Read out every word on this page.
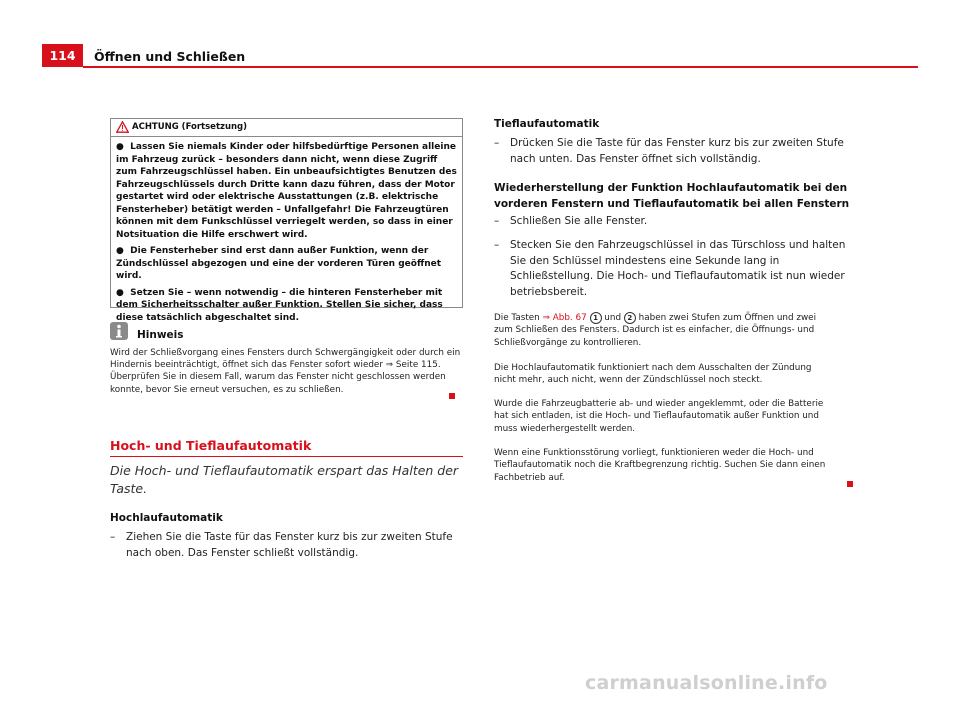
114	Öffnen und Schließen
ACHTUNG (Fortsetzung)

● Lassen Sie niemals Kinder oder hilfsbedürftige Personen alleine im Fahrzeug zurück – besonders dann nicht, wenn diese Zugriff zum Fahrzeugschlüssel haben. Ein unbeaufsichtigtes Benutzen des Fahrzeugschlüssels durch Dritte kann dazu führen, dass der Motor gestartet wird oder elektrische Ausstattungen (z.B. elektrische Fensterheber) betätigt werden – Unfallgefahr! Die Fahrzeugtüren können mit dem Funkschlüssel verriegelt werden, so dass in einer Notsituation die Hilfe erschwert wird.

● Die Fensterheber sind erst dann außer Funktion, wenn der Zündschlüssel abgezogen und eine der vorderen Türen geöffnet wird.

● Setzen Sie – wenn notwendig – die hinteren Fensterheber mit dem Sicherheitsschalter außer Funktion. Stellen Sie sicher, dass diese tatsächlich abgeschaltet sind.

Hinweis
Wird der Schließvorgang eines Fensters durch Schwergängigkeit oder durch ein Hindernis beeinträchtigt, öffnet sich das Fenster sofort wieder ⇒ Seite 115. Überprüfen Sie in diesem Fall, warum das Fenster nicht geschlossen werden konnte, bevor Sie erneut versuchen, es zu schließen.
Hoch- und Tieflaufautomatik
Die Hoch- und Tieflaufautomatik erspart das Halten der Taste.
Hochlaufautomatik
–	Ziehen Sie die Taste für das Fenster kurz bis zur zweiten Stufe nach oben. Das Fenster schließt vollständig.
Tieflaufautomatik
–	Drücken Sie die Taste für das Fenster kurz bis zur zweiten Stufe nach unten. Das Fenster öffnet sich vollständig.
Wiederherstellung der Funktion Hochlaufautomatik bei den vorderen Fenstern und Tieflaufautomatik bei allen Fenstern
–	Schließen Sie alle Fenster.
–	Stecken Sie den Fahrzeugschlüssel in das Türschloss und halten Sie den Schlüssel mindestens eine Sekunde lang in Schließstellung. Die Hoch- und Tieflaufautomatik ist nun wieder betriebsbereit.
Die Tasten ⇒ Abb. 67 1 und 2 haben zwei Stufen zum Öffnen und zwei zum Schließen des Fensters. Dadurch ist es einfacher, die Öffnungs- und Schließvorgänge zu kontrollieren.
Die Hochlaufautomatik funktioniert nach dem Ausschalten der Zündung nicht mehr, auch nicht, wenn der Zündschlüssel noch steckt.
Wurde die Fahrzeugbatterie ab- und wieder angeklemmt, oder die Batterie hat sich entladen, ist die Hoch- und Tieflaufautomatik außer Funktion und muss wiederhergestellt werden.
Wenn eine Funktionsstörung vorliegt, funktionieren weder die Hoch- und Tieflaufautomatik noch die Kraftbegrenzung richtig. Suchen Sie dann einen Fachbetrieb auf.
carmanualsonline.info
